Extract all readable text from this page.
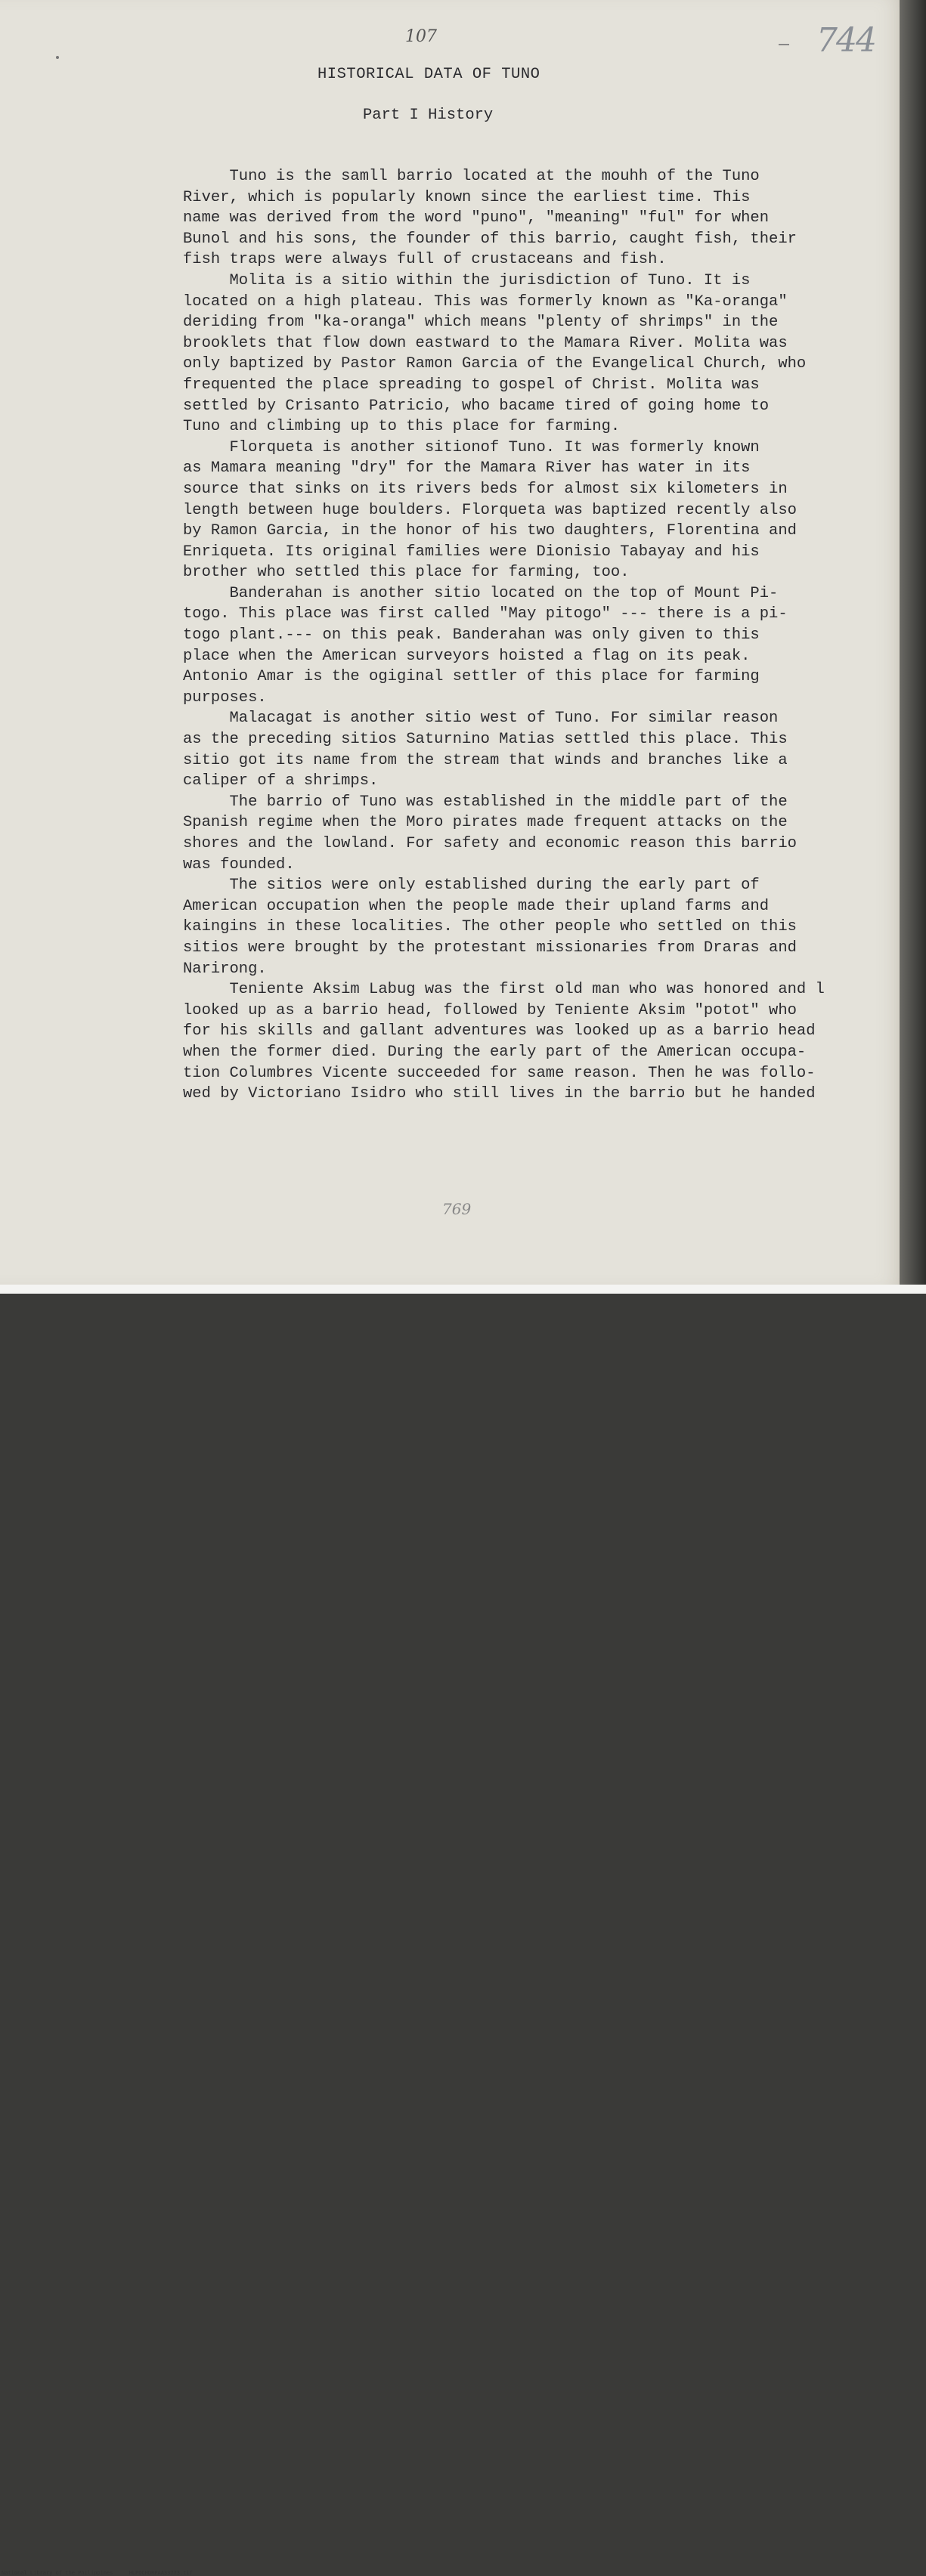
107	744
HISTORICAL DATA OF TUNO
Part I History
Tuno is the samll barrio located at the mouhh of the Tuno
River, which is popularly known since the earliest time. This
name was derived from the word "puno", "meaning" "ful" for when
Bunol and his sons, the founder of this barrio, caught fish, their
fish traps were always full of crustaceans and fish.
Molita is a sitio within the jurisdiction of Tuno. It is
located on a high plateau. This was formerly known as "Ka-oranga"
deriding from "ka-oranga" which means "plenty of shrimps" in the
brooklets that flow down eastward to the Mamara River. Molita was
only baptized by Pastor Ramon Garcia of the Evangelical Church, who
frequented the place spreading to gospel of Christ. Molita was
settled by Crisanto Patricio, who bacame tired of going home to
Tuno and climbing up to this place for farming.
Florqueta is another sitionof Tuno. It was formerly known
as Mamara meaning "dry" for the Mamara River has water in its
source that sinks on its rivers beds for almost six kilometers in
length between huge boulders. Florqueta was baptized recently also
by Ramon Garcia, in the honor of his two daughters, Florentina and
Enriqueta. Its original families were Dionisio Tabayay and his
brother who settled this place for farming, too.
Banderahan is another sitio located on the top of Mount Pi-
togo. This place was first called "May pitogo" --- there is a pi-
togo plant.--- on this peak. Banderahan was only given to this
place when the American surveyors hoisted a flag on its peak.
Antonio Amar is the ogiginal settler of this place for farming
purposes.
Malacagat is another sitio west of Tuno. For similar reason
as the preceding sitios Saturnino Matias settled this place. This
sitio got its name from the stream that winds and branches like a
caliper of a shrimps.
The barrio of Tuno was established in the middle part of the
Spanish regime when the Moro pirates made frequent attacks on the
shores and the lowland. For safety and economic reason this barrio
was founded.
The sitios were only established during the early part of
American occupation when the people made their upland farms and
kaingins in these localities. The other people who settled on this
sitios were brought by the protestant missionaries from Draras and
Narirong.
Teniente Aksim Labug was the first old man who was honored and l
looked up as a barrio head, followed by Teniente Aksim "potot" who
for his skills and gallant adventures was looked up as a barrio head
when the former died. During the early part of the American occupa-
tion Columbres Vicente succeeded for same reason. Then he was follo-
wed by Victoriano Isidro who still lives in the barrio but he handed
769
National Library of the Philippines     HLPOCHDRPAA33773.tif
